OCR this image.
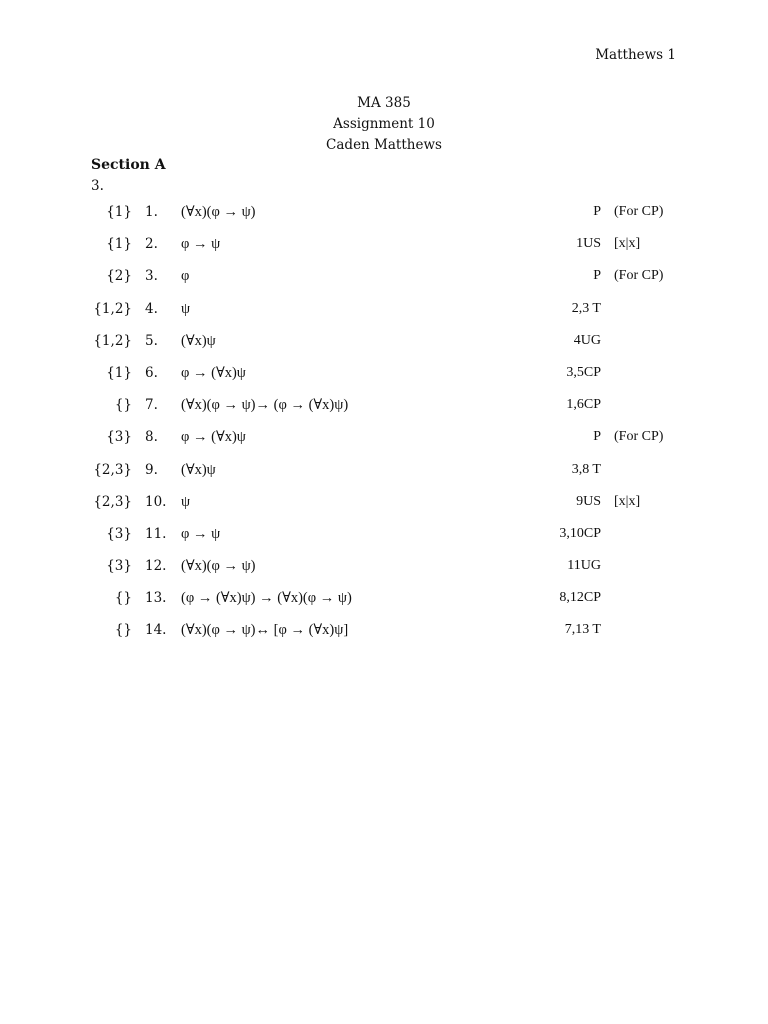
Matthews 1
MA 385
Assignment 10
Caden Matthews
Section A
3.
{1} 1. (∀x)(φ → ψ)	P (For CP)
{1} 2. φ → ψ	1US [x|x]
{2} 3. φ	P (For CP)
{1,2} 4. ψ	2,3 T
{1,2} 5. (∀x)ψ	4UG
{1} 6. φ → (∀x)ψ	3,5CP
{} 7. (∀x)(φ → ψ)→ (φ → (∀x)ψ)	1,6CP
{3} 8. φ → (∀x)ψ	P (For CP)
{2,3} 9. (∀x)ψ	3,8 T
{2,3} 10. ψ	9US [x|x]
{3} 11. φ → ψ	3,10CP
{3} 12. (∀x)(φ → ψ)	11UG
{} 13. (φ → (∀x)ψ) → (∀x)(φ → ψ)	8,12CP
{} 14. (∀x)(φ → ψ)↔ [φ → (∀x)ψ]	7,13 T
